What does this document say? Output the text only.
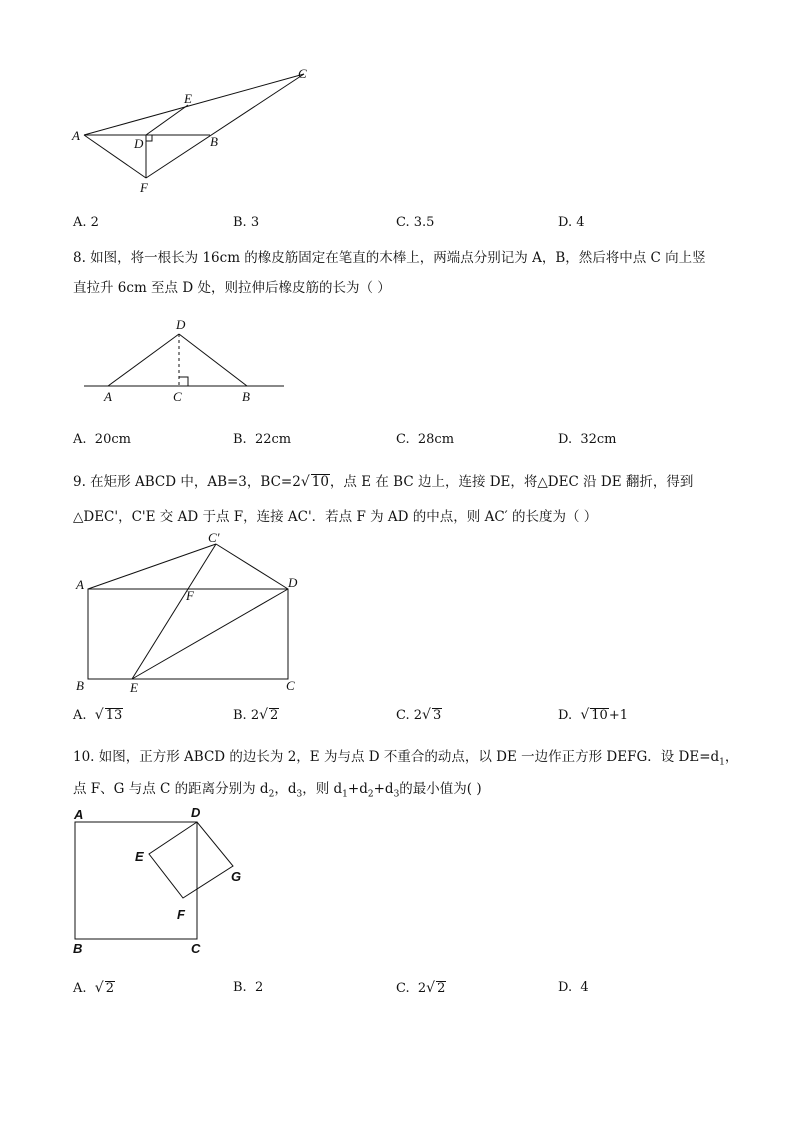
A	B
C
D
E
F
A. 2	B. 3	C. 3.5	D. 4
8. 如图，将一根长为 16cm 的橡皮筋固定在笔直的木棒上，两端点分别记为 A，B，然后将中点 C 向上竖
直拉升 6cm 至点 D 处，则拉伸后橡皮筋的长为（ ）
D
A	C	B
A. 20cm	B. 22cm	C. 28cm	D. 32cm
9. 在矩形 ABCD 中，AB=3，BC=2√ 10，点 E 在 BC 边上，连接 DE，将△DEC 沿 DE 翻折，得到
△DEC'，C'E 交 AD 于点 F，连接 AC'．若点 F 为 AD 的中点，则 AC′ 的长度为（ ）
C'
A	D
F
B	E	C
A. √ 13	B. 2√ 2	C. 2√ 3	D. √ 10+1
10. 如图，正方形 ABCD 的边长为 2，E 为与点 D 不重合的动点，以 DE 一边作正方形 DEFG．设 $DE=d_1$，
点 F、G 与点 C 的距离分别为 $d_2$，$d_3$，则 $d_1+d_2+d_3$的最小值为( )
A	D
E
G
F
B	C
A. √ 2	B. 2	C. 2√ 2	D. 4
